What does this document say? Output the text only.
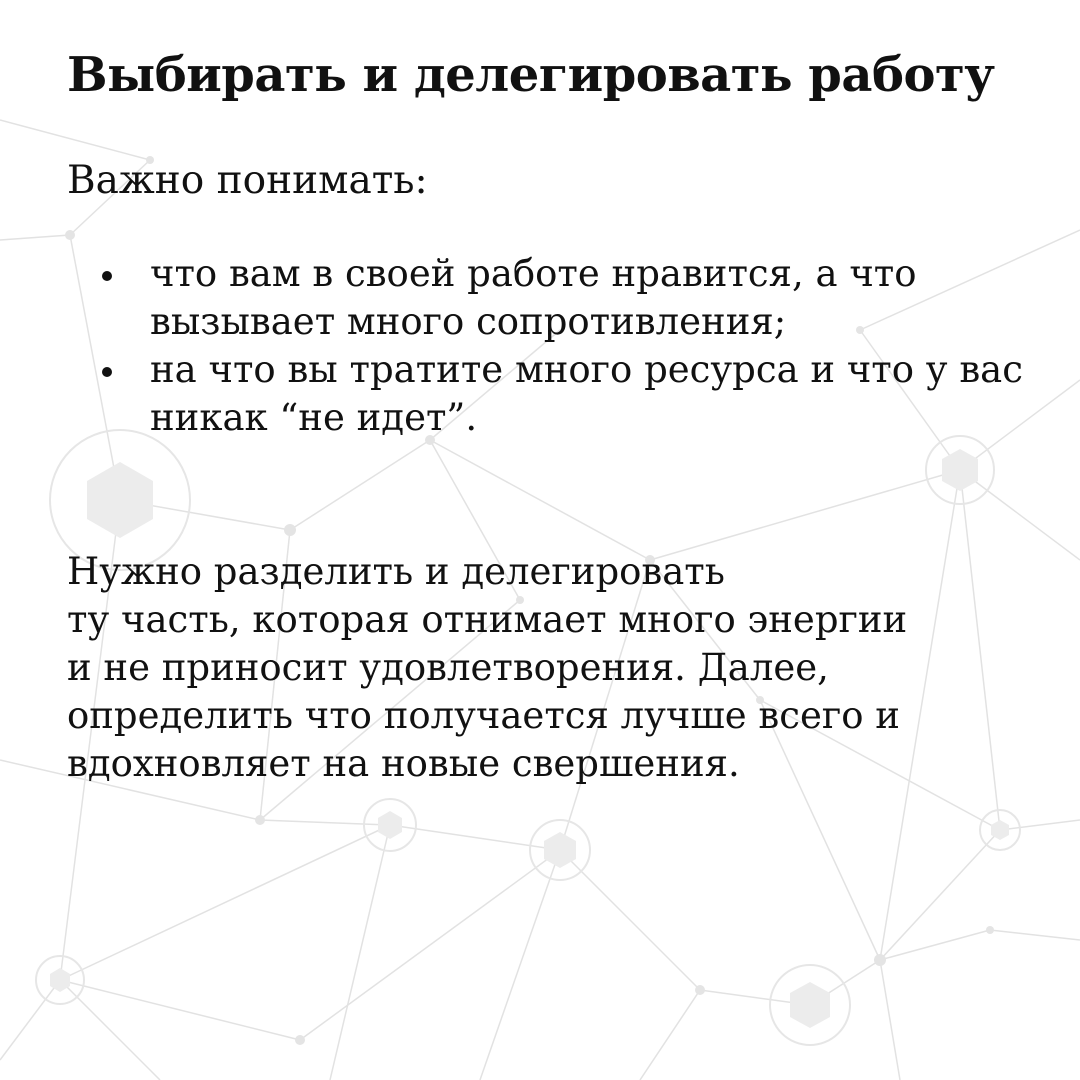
Выбирать и делегировать работу

Важно понимать:

что вам в своей работе нравится, а что вызывает много сопротивления;
на что вы тратите много ресурса и что у вас никак “не идет”.

Нужно разделить и делегировать
ту часть, которая отнимает много энергии
и не приносит удовлетворения. Далее,
определить что получается лучше всего и
вдохновляет на новые свершения.
